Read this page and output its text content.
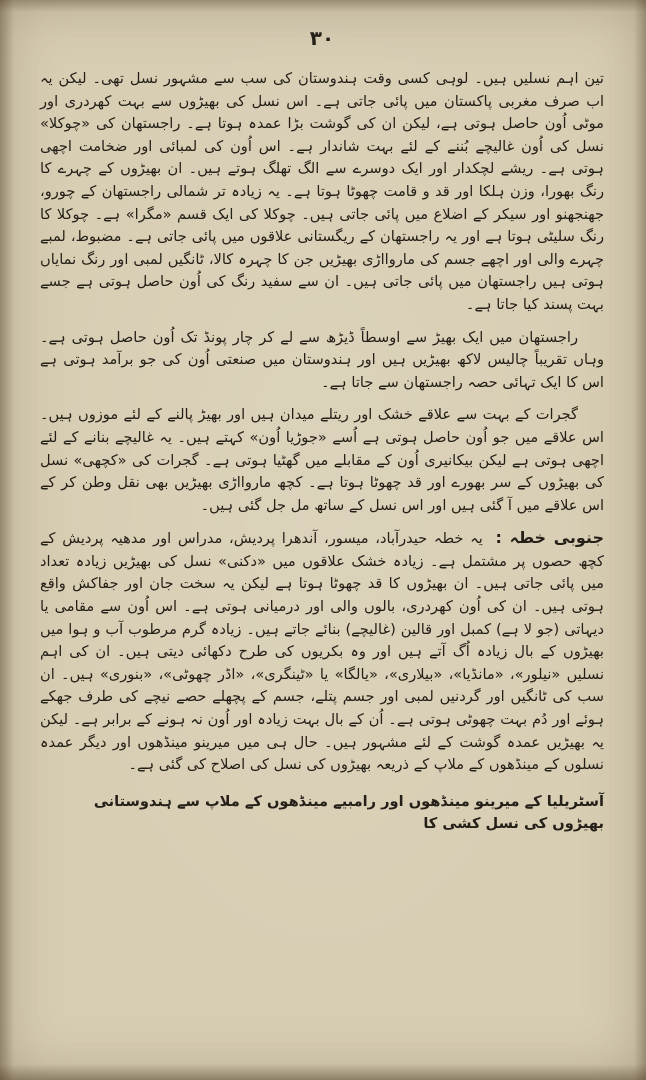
۳۰

تین اہم نسلیں ہیں۔ لوہی کسی وقت ہندوستان کی سب سے مشہور نسل تھی۔ لیکن یہ اب صرف مغربی پاکستان میں پائی جاتی ہے۔ اس نسل کی بھیڑوں سے بہت کھردری اور موٹی اُون حاصل ہوتی ہے، لیکن ان کی گوشت بڑا عمدہ ہوتا ہے۔ راجستھان کی «چوکلا» نسل کی اُون غالیچے بُننے کے لئے بہت شاندار ہے۔ اس اُون کی لمبائی اور ضخامت اچھی ہوتی ہے۔ ریشے لچکدار اور ایک دوسرے سے الگ تھلگ ہوتے ہیں۔ ان بھیڑوں کے چہرے کا رنگ بھورا، وزن ہلکا اور قد و قامت چھوٹا ہوتا ہے۔ یہ زیادہ تر شمالی راجستھان کے چورو، جھنجھنو اور سیکر کے اضلاع میں پائی جاتی ہیں۔ چوکلا کی ایک قسم «مگرا» ہے۔ چوکلا کا رنگ سلیٹی ہوتا ہے اور یہ راجستھان کے ریگستانی علاقوں میں پائی جاتی ہے۔ مضبوط، لمبے چہرے والی اور اچھے جسم کی ماروااڑی بھیڑیں جن کا چہرہ کالا، ٹانگیں لمبی اور رنگ نمایاں ہوتی ہیں راجستھان میں پائی جاتی ہیں۔ ان سے سفید رنگ کی اُون حاصل ہوتی ہے جسے بہت پسند کیا جاتا ہے۔

راجستھان میں ایک بھیڑ سے اوسطاً ڈیڑھ سے لے کر چار پونڈ تک اُون حاصل ہوتی ہے۔ وہاں تقریباً چالیس لاکھ بھیڑیں ہیں اور ہندوستان میں صنعتی اُون کی جو برآمد ہوتی ہے اس کا ایک تہائی حصہ راجستھان سے جاتا ہے۔

گجرات کے بہت سے علاقے خشک اور ریتلے میدان ہیں اور بھیڑ پالنے کے لئے موزوں ہیں۔ اس علاقے میں جو اُون حاصل ہوتی ہے اُسے «جوڑیا اُون» کہتے ہیں۔ یہ غالیچے بنانے کے لئے اچھی ہوتی ہے لیکن بیکانیری اُون کے مقابلے میں گھٹیا ہوتی ہے۔ گجرات کی «کچھی» نسل کی بھیڑوں کے سر بھورے اور قد چھوٹا ہوتا ہے۔ کچھ ماروااڑی بھیڑیں بھی نقل وطن کر کے اس علاقے میں آ گئی ہیں اور اس نسل کے ساتھ مل جل گئی ہیں۔

جنوبی خطہ : یہ خطہ حیدرآباد، میسور، آندھرا پردیش، مدراس اور مدھیہ پردیش کے کچھ حصوں پر مشتمل ہے۔ زیادہ خشک علاقوں میں «دکنی» نسل کی بھیڑیں زیادہ تعداد میں پائی جاتی ہیں۔ ان بھیڑوں کا قد چھوٹا ہوتا ہے لیکن یہ سخت جان اور جفاکش واقع ہوتی ہیں۔ ان کی اُون کھردری، بالوں والی اور درمیانی ہوتی ہے۔ اس اُون سے مقامی یا دیہاتی (جو لا ہے) کمبل اور قالین (غالیچے) بنائے جاتے ہیں۔ زیادہ گرم مرطوب آب و ہوا میں بھیڑوں کے بال زیادہ اُگ آتے ہیں اور وہ بکریوں کی طرح دکھائی دیتی ہیں۔ ان کی اہم نسلیں «نیلور»، «مانڈیا»، «بیلاری»، «یالگا» یا «ٹینگری»، «اڈر چھوٹی»، «بنوری» ہیں۔ ان سب کی ٹانگیں اور گردنیں لمبی اور جسم پتلے، جسم کے پچھلے حصے نیچے کی طرف جھکے ہوئے اور دُم بہت چھوٹی ہوتی ہے۔ اُن کے بال بہت زیادہ اور اُون نہ ہونے کے برابر ہے۔ لیکن یہ بھیڑیں عمدہ گوشت کے لئے مشہور ہیں۔ حال ہی میں میرینو مینڈھوں اور دیگر عمدہ نسلوں کے مینڈھوں کے ملاپ کے ذریعہ بھیڑوں کی نسل کی اصلاح کی گئی ہے۔

آسٹریلیا کے میرینو مینڈھوں اور رامبیے مینڈھوں کے ملاپ سے ہندوستانی بھیڑوں کی نسل کشی کا
